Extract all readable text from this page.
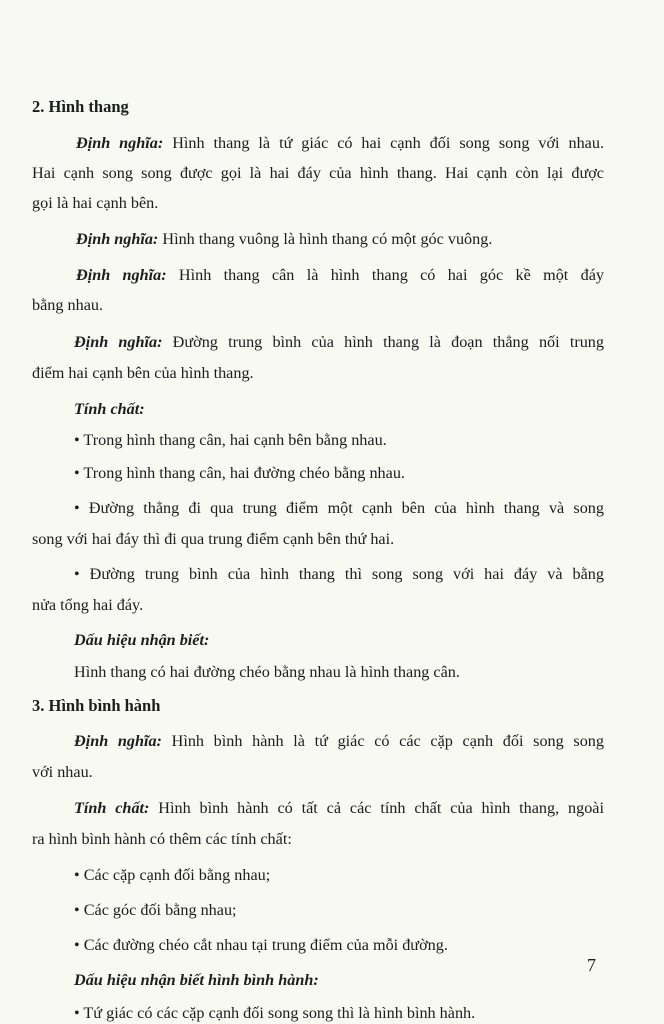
2. Hình thang
Định nghĩa: Hình thang là tứ giác có hai cạnh đối song song với nhau.
Hai cạnh song song được gọi là hai đáy của hình thang. Hai cạnh còn lại được
gọi là hai cạnh bên.
Định nghĩa: Hình thang vuông là hình thang có một góc vuông.
Định nghĩa: Hình thang cân là hình thang có hai góc kề một đáy
bằng nhau.
Định nghĩa: Đường trung bình của hình thang là đoạn thẳng nối trung
điểm hai cạnh bên của hình thang.
Tính chất:
• Trong hình thang cân, hai cạnh bên bằng nhau.
• Trong hình thang cân, hai đường chéo bằng nhau.
• Đường thẳng đi qua trung điểm một cạnh bên của hình thang và song
song với hai đáy thì đi qua trung điểm cạnh bên thứ hai.
• Đường trung bình của hình thang thì song song với hai đáy và bằng
nửa tổng hai đáy.
Dấu hiệu nhận biết:
Hình thang có hai đường chéo bằng nhau là hình thang cân.
3. Hình bình hành
Định nghĩa: Hình bình hành là tứ giác có các cặp cạnh đối song song
với nhau.
Tính chất: Hình bình hành có tất cả các tính chất của hình thang, ngoài
ra hình bình hành có thêm các tính chất:
• Các cặp cạnh đối bằng nhau;
• Các góc đối bằng nhau;
• Các đường chéo cắt nhau tại trung điểm của mỗi đường.
Dấu hiệu nhận biết hình bình hành:
• Tứ giác có các cặp cạnh đối song song thì là hình bình hành.
7
